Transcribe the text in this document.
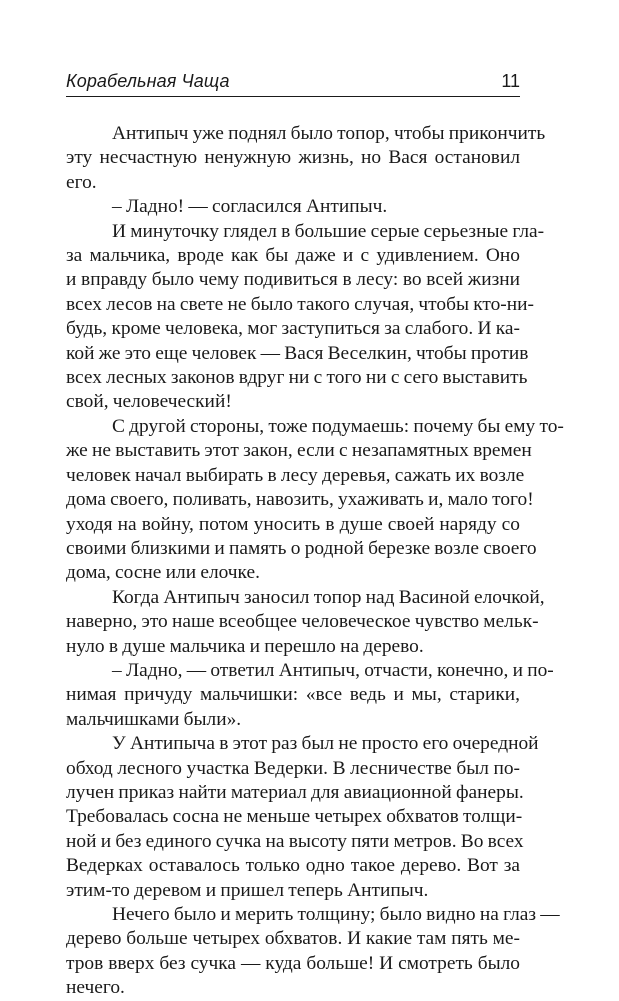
Корабельная Чаща	11

Антипыч уже поднял было топор, чтобы прикончить
эту несчастную ненужную жизнь, но Вася остановил
его.

– Ладно! — согласился Антипыч.

И минуточку глядел в большие серые серьезные гла-
за мальчика, вроде как бы даже и с удивлением. Оно
и вправду было чему подивиться в лесу: во всей жизни
всех лесов на свете не было такого случая, чтобы кто-ни-
будь, кроме человека, мог заступиться за слабого. И ка-
кой же это еще человек — Вася Веселкин, чтобы против
всех лесных законов вдруг ни с того ни с сего выставить
свой, человеческий!

С другой стороны, тоже подумаешь: почему бы ему то-
же не выставить этот закон, если с незапамятных времен
человек начал выбирать в лесу деревья, сажать их возле
дома своего, поливать, навозить, ухаживать и, мало того!
уходя на войну, потом уносить в душе своей наряду со
своими близкими и память о родной березке возле своего
дома, сосне или елочке.

Когда Антипыч заносил топор над Васиной елочкой,
наверно, это наше всеобщее человеческое чувство мельк-
нуло в душе мальчика и перешло на дерево.

– Ладно, — ответил Антипыч, отчасти, конечно, и по-
нимая причуду мальчишки: «все ведь и мы, старики,
мальчишками были».

У Антипыча в этот раз был не просто его очередной
обход лесного участка Ведерки. В лесничестве был по-
лучен приказ найти материал для авиационной фанеры.
Требовалась сосна не меньше четырех обхватов толщи-
ной и без единого сучка на высоту пяти метров. Во всех
Ведерках оставалось только одно такое дерево. Вот за
этим-то деревом и пришел теперь Антипыч.

Нечего было и мерить толщину; было видно на глаз —
дерево больше четырех обхватов. И какие там пять ме-
тров вверх без сучка — куда больше! И смотреть было
нечего.
